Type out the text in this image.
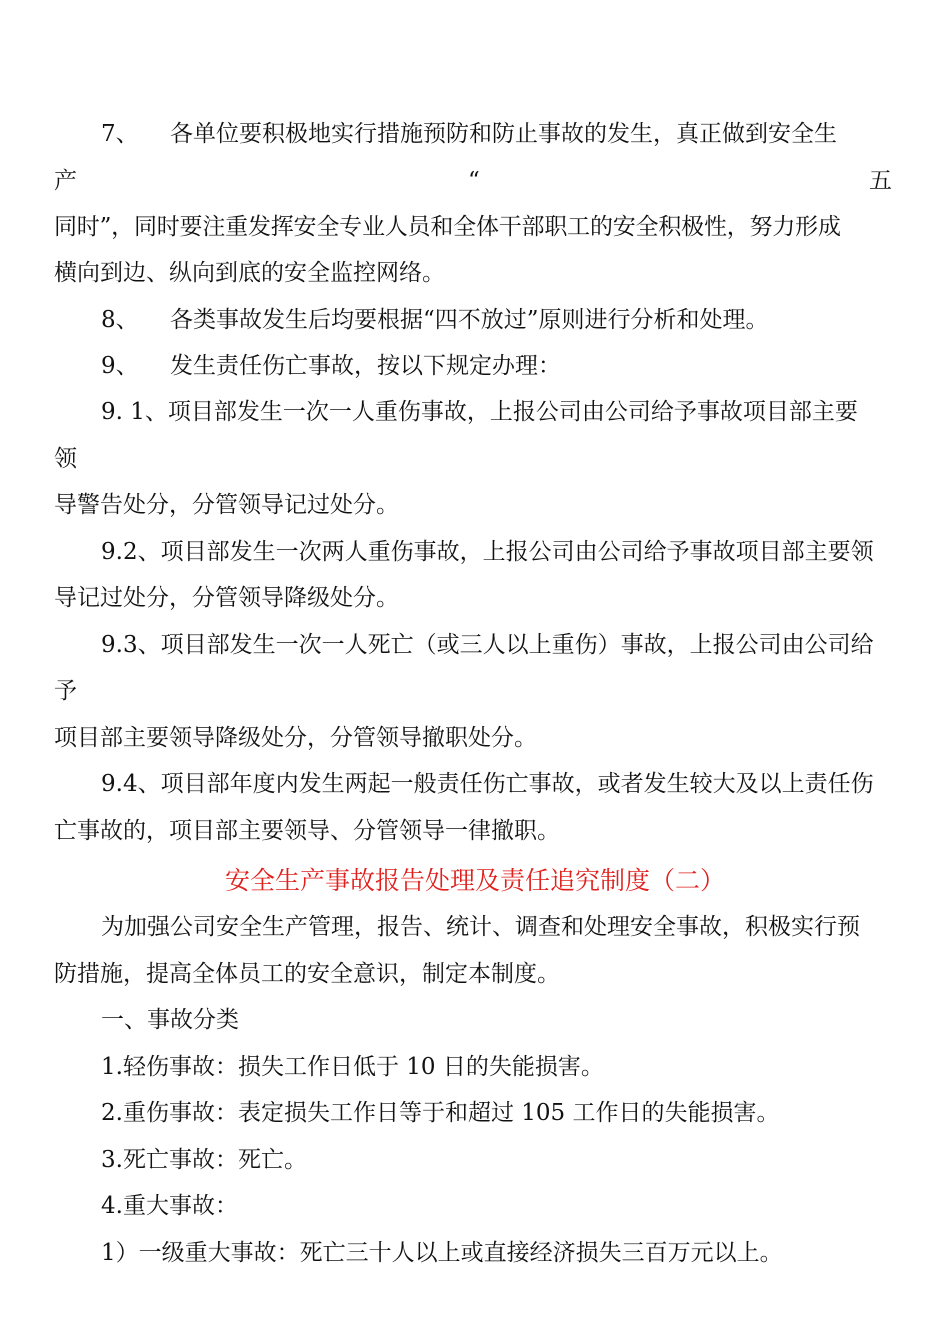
7、 各单位要积极地实行措施预防和防止事故的发生，真正做到安全生
产	“	五
同时”，同时要注重发挥安全专业人员和全体干部职工的安全积极性，努力形成
横向到边、纵向到底的安全监控网络。
8、 各类事故发生后均要根据“四不放过”原则进行分析和处理。
9、 发生责任伤亡事故，按以下规定办理：
9. 1、项目部发生一次一人重伤事故，上报公司由公司给予事故项目部主要
领
导警告处分，分管领导记过处分。
9.2、项目部发生一次两人重伤事故，上报公司由公司给予事故项目部主要领
导记过处分，分管领导降级处分。
9.3、项目部发生一次一人死亡（或三人以上重伤）事故，上报公司由公司给
予
项目部主要领导降级处分，分管领导撤职处分。
9.4、项目部年度内发生两起一般责任伤亡事故，或者发生较大及以上责任伤
亡事故的，项目部主要领导、分管领导一律撤职。
安全生产事故报告处理及责任追究制度（二）
为加强公司安全生产管理，报告、统计、调查和处理安全事故，积极实行预
防措施，提高全体员工的安全意识，制定本制度。
一、事故分类
1.轻伤事故：损失工作日低于 10 日的失能损害。
2.重伤事故：表定损失工作日等于和超过 105 工作日的失能损害。
3.死亡事故：死亡。
4.重大事故：
1）一级重大事故：死亡三十人以上或直接经济损失三百万元以上。
